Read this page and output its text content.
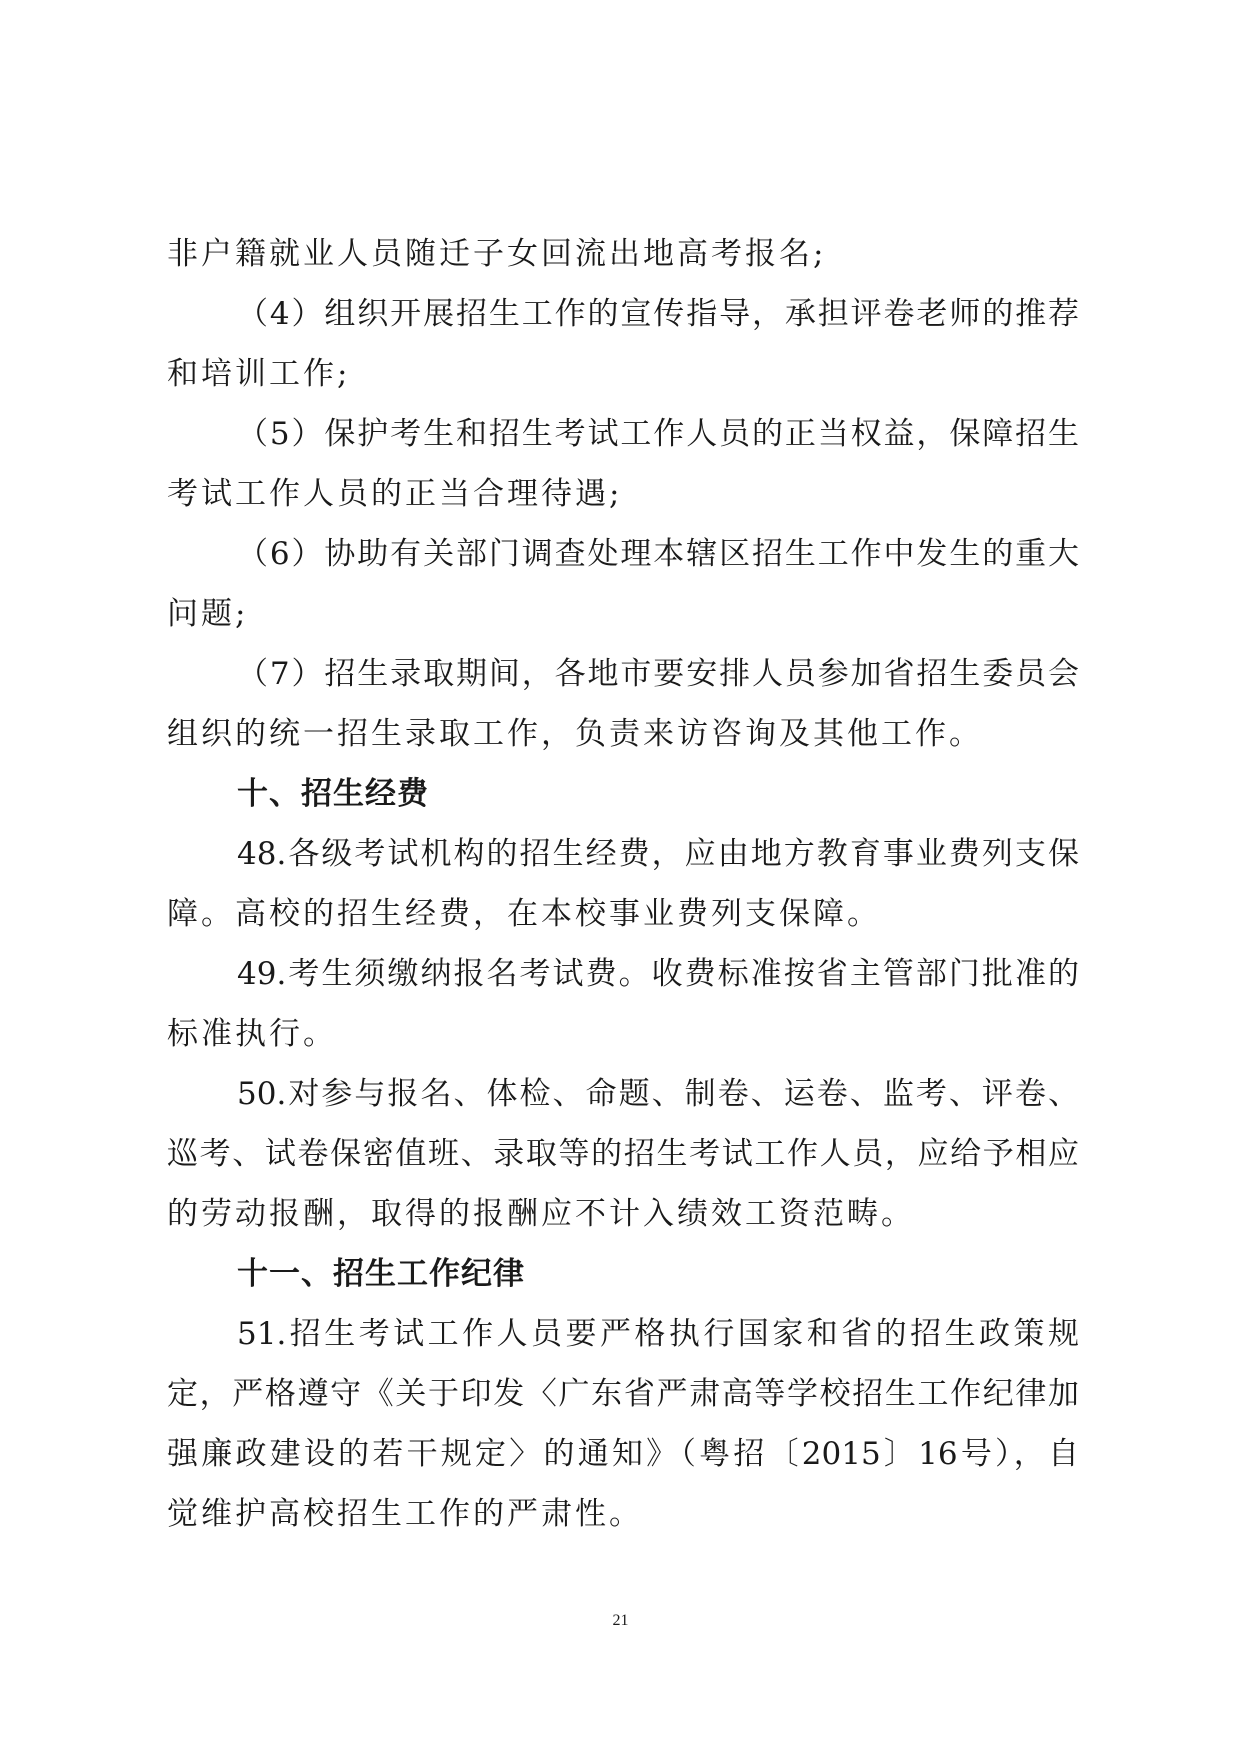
非户籍就业人员随迁子女回流出地高考报名;
（4）组织开展招生工作的宣传指导，承担评卷老师的推荐
和培训工作;
（5）保护考生和招生考试工作人员的正当权益，保障招生
考试工作人员的正当合理待遇;
（6）协助有关部门调查处理本辖区招生工作中发生的重大
问题;
（7）招生录取期间，各地市要安排人员参加省招生委员会
组织的统一招生录取工作，负责来访咨询及其他工作。
十、招生经费
48.各级考试机构的招生经费，应由地方教育事业费列支保
障。高校的招生经费，在本校事业费列支保障。
49.考生须缴纳报名考试费。收费标准按省主管部门批准的
标准执行。
50.对参与报名、体检、命题、制卷、运卷、监考、评卷、
巡考、试卷保密值班、录取等的招生考试工作人员，应给予相应
的劳动报酬，取得的报酬应不计入绩效工资范畴。
十一、招生工作纪律
51.招生考试工作人员要严格执行国家和省的招生政策规
定，严格遵守《关于印发〈广东省严肃高等学校招生工作纪律加
强廉政建设的若干规定〉的通知》（粤招〔2015〕16号），自
觉维护高校招生工作的严肃性。
21
